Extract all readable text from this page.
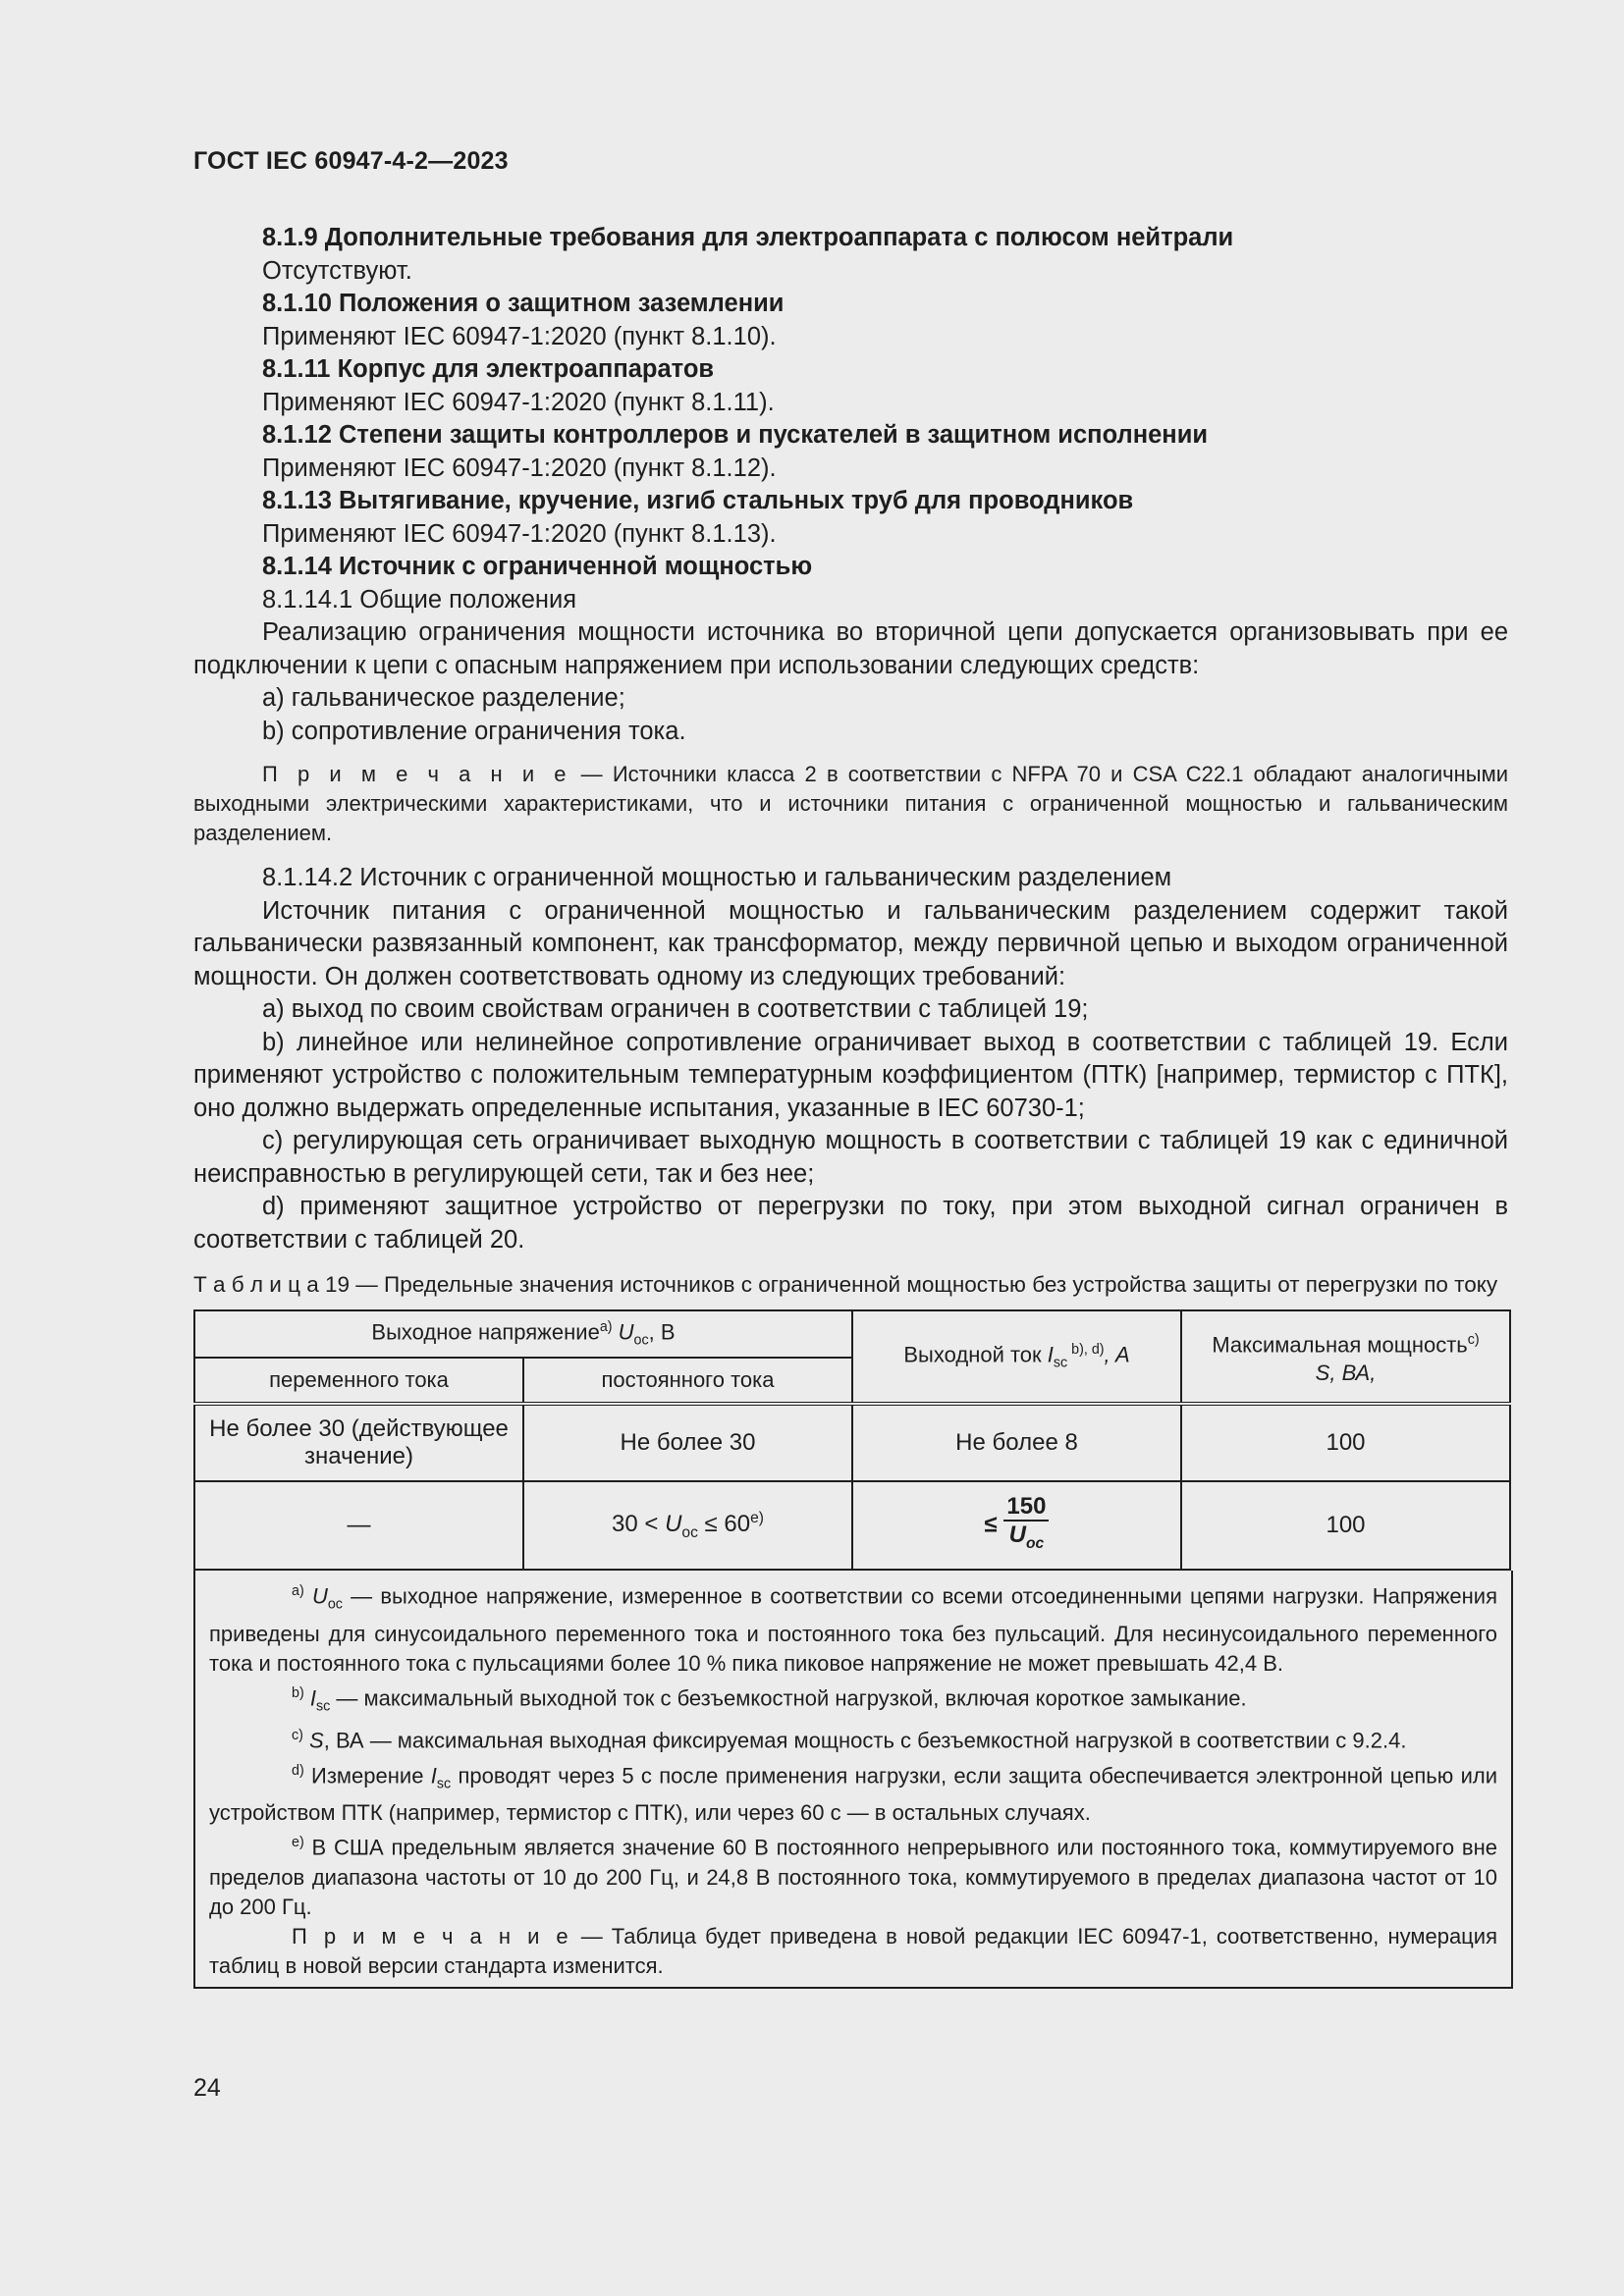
ГОСТ IEC 60947-4-2—2023

8.1.9 Дополнительные требования для электроаппарата с полюсом нейтрали

Отсутствуют.

8.1.10 Положения о защитном заземлении

Применяют IEC 60947-1:2020 (пункт 8.1.10).

8.1.11 Корпус для электроаппаратов

Применяют IEC 60947-1:2020 (пункт 8.1.11).

8.1.12 Степени защиты контроллеров и пускателей в защитном исполнении

Применяют IEC 60947-1:2020 (пункт 8.1.12).

8.1.13 Вытягивание, кручение, изгиб стальных труб для проводников

Применяют IEC 60947-1:2020 (пункт 8.1.13).

8.1.14 Источник с ограниченной мощностью

8.1.14.1 Общие положения

Реализацию ограничения мощности источника во вторичной цепи допускается организовывать при ее подключении к цепи с опасным напряжением при использовании следующих средств:

а) гальваническое разделение;

b) сопротивление ограничения тока.

П р и м е ч а н и е — Источники класса 2 в соответствии с NFPA 70 и CSA C22.1 обладают аналогичными выходными электрическими характеристиками, что и источники питания с ограниченной мощностью и гальваническим разделением.

8.1.14.2 Источник с ограниченной мощностью и гальваническим разделением

Источник питания с ограниченной мощностью и гальваническим разделением содержит такой гальванически развязанный компонент, как трансформатор, между первичной цепью и выходом ограниченной мощности. Он должен соответствовать одному из следующих требований:

а) выход по своим свойствам ограничен в соответствии с таблицей 19;

b) линейное или нелинейное сопротивление ограничивает выход в соответствии с таблицей 19. Если применяют устройство с положительным температурным коэффициентом (ПТК) [например, термистор с ПТК], оно должно выдержать определенные испытания, указанные в IEC 60730-1;

c) регулирующая сеть ограничивает выходную мощность в соответствии с таблицей 19 как с единичной неисправностью в регулирующей сети, так и без нее;

d) применяют защитное устройство от перегрузки по току, при этом выходной сигнал ограничен в соответствии с таблицей 20.

Т а б л и ц а 19 — Предельные значения источников с ограниченной мощностью без устройства защиты от перегрузки по току
Выходное напряжение$^{a)}$ $U_{oc}$, В		Выходной ток $I_{sc}$ $^{b), d)}$, A	Максимальная мощность$^{c)}$
S, ВА,
переменного тока	постоянного тока		
Не более 30 (действующее значение)	Не более 30	Не более 8	100
—	$30 < U_{oc} \le 60^{e)}$	≤ $\frac{150}{U_{oc}}$	100

$^{a)}$ $U_{oc}$ — выходное напряжение, измеренное в соответствии со всеми отсоединенными цепями нагрузки. Напряжения приведены для синусоидального переменного тока и постоянного тока без пульсаций. Для несинусоидального переменного тока и постоянного тока с пульсациями более 10 % пика пиковое напряжение не может превышать 42,4 В.

$^{b)}$ $I_{sc}$ — максимальный выходной ток с безъемкостной нагрузкой, включая короткое замыкание.

$^{c)}$ S, ВА — максимальная выходная фиксируемая мощность с безъемкостной нагрузкой в соответствии с 9.2.4.

$^{d)}$ Измерение $I_{sc}$ проводят через 5 с после применения нагрузки, если защита обеспечивается электронной цепью или устройством ПТК (например, термистор с ПТК), или через 60 с — в остальных случаях.

$^{e)}$ В США предельным является значение 60 В постоянного непрерывного или постоянного тока, коммутируемого вне пределов диапазона частоты от 10 до 200 Гц, и 24,8 В постоянного тока, коммутируемого в пределах диапазона частот от 10 до 200 Гц.

П р и м е ч а н и е — Таблица будет приведена в новой редакции IEC 60947-1, соответственно, нумерация таблиц в новой версии стандарта изменится.

24
